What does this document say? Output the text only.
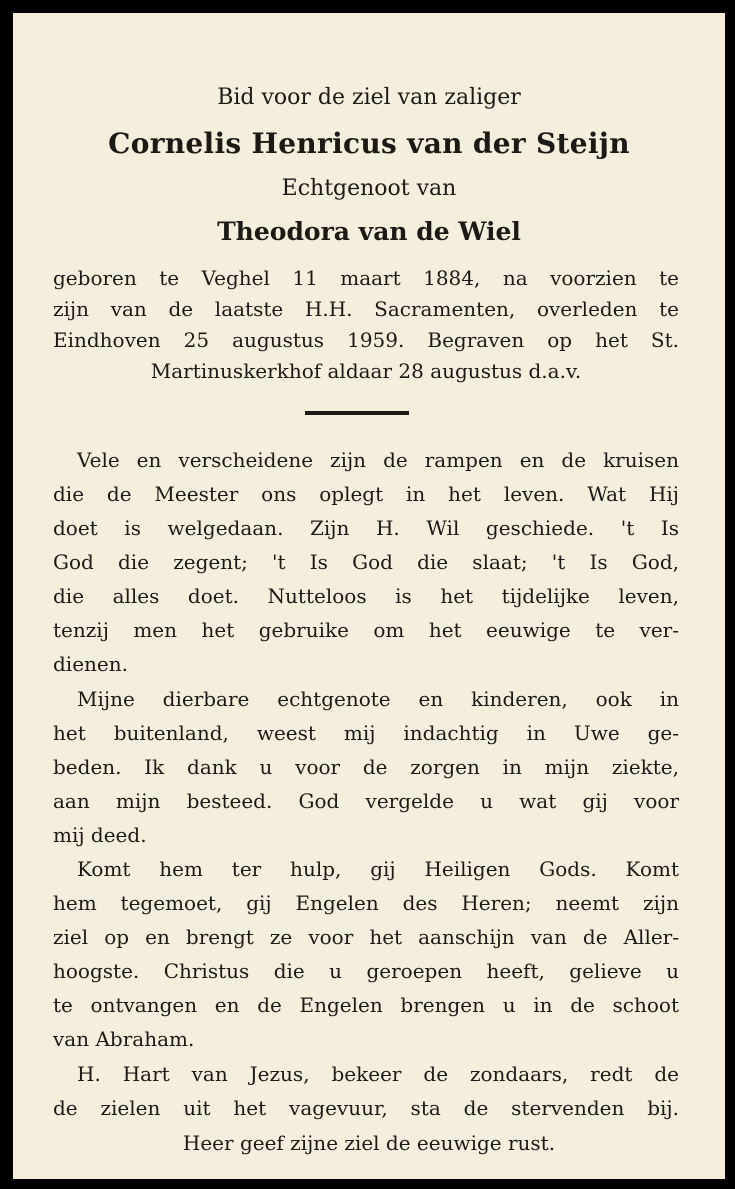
Bid voor de ziel van zaliger
Cornelis Henricus van der Steijn
Echtgenoot van
Theodora van de Wiel
geboren te Veghel 11 maart 1884, na voorzien te
zijn van de laatste H.H. Sacramenten, overleden te
Eindhoven 25 augustus 1959. Begraven op het St.
Martinuskerkhof aldaar 28 augustus d.a.v.
Vele en verscheidene zijn de rampen en de kruisen
die de Meester ons oplegt in het leven. Wat Hij
doet is welgedaan. Zijn H. Wil geschiede. 't Is
God die zegent; 't Is God die slaat; 't Is God,
die alles doet. Nutteloos is het tijdelijke leven,
tenzij men het gebruike om het eeuwige te ver-
dienen.
Mijne dierbare echtgenote en kinderen, ook in
het buitenland, weest mij indachtig in Uwe ge-
beden. Ik dank u voor de zorgen in mijn ziekte,
aan mijn besteed. God vergelde u wat gij voor
mij deed.
Komt hem ter hulp, gij Heiligen Gods. Komt
hem tegemoet, gij Engelen des Heren; neemt zijn
ziel op en brengt ze voor het aanschijn van de Aller-
hoogste. Christus die u geroepen heeft, gelieve u
te ontvangen en de Engelen brengen u in de schoot
van Abraham.
H. Hart van Jezus, bekeer de zondaars, redt de
de zielen uit het vagevuur, sta de stervenden bij.
Heer geef zijne ziel de eeuwige rust.
